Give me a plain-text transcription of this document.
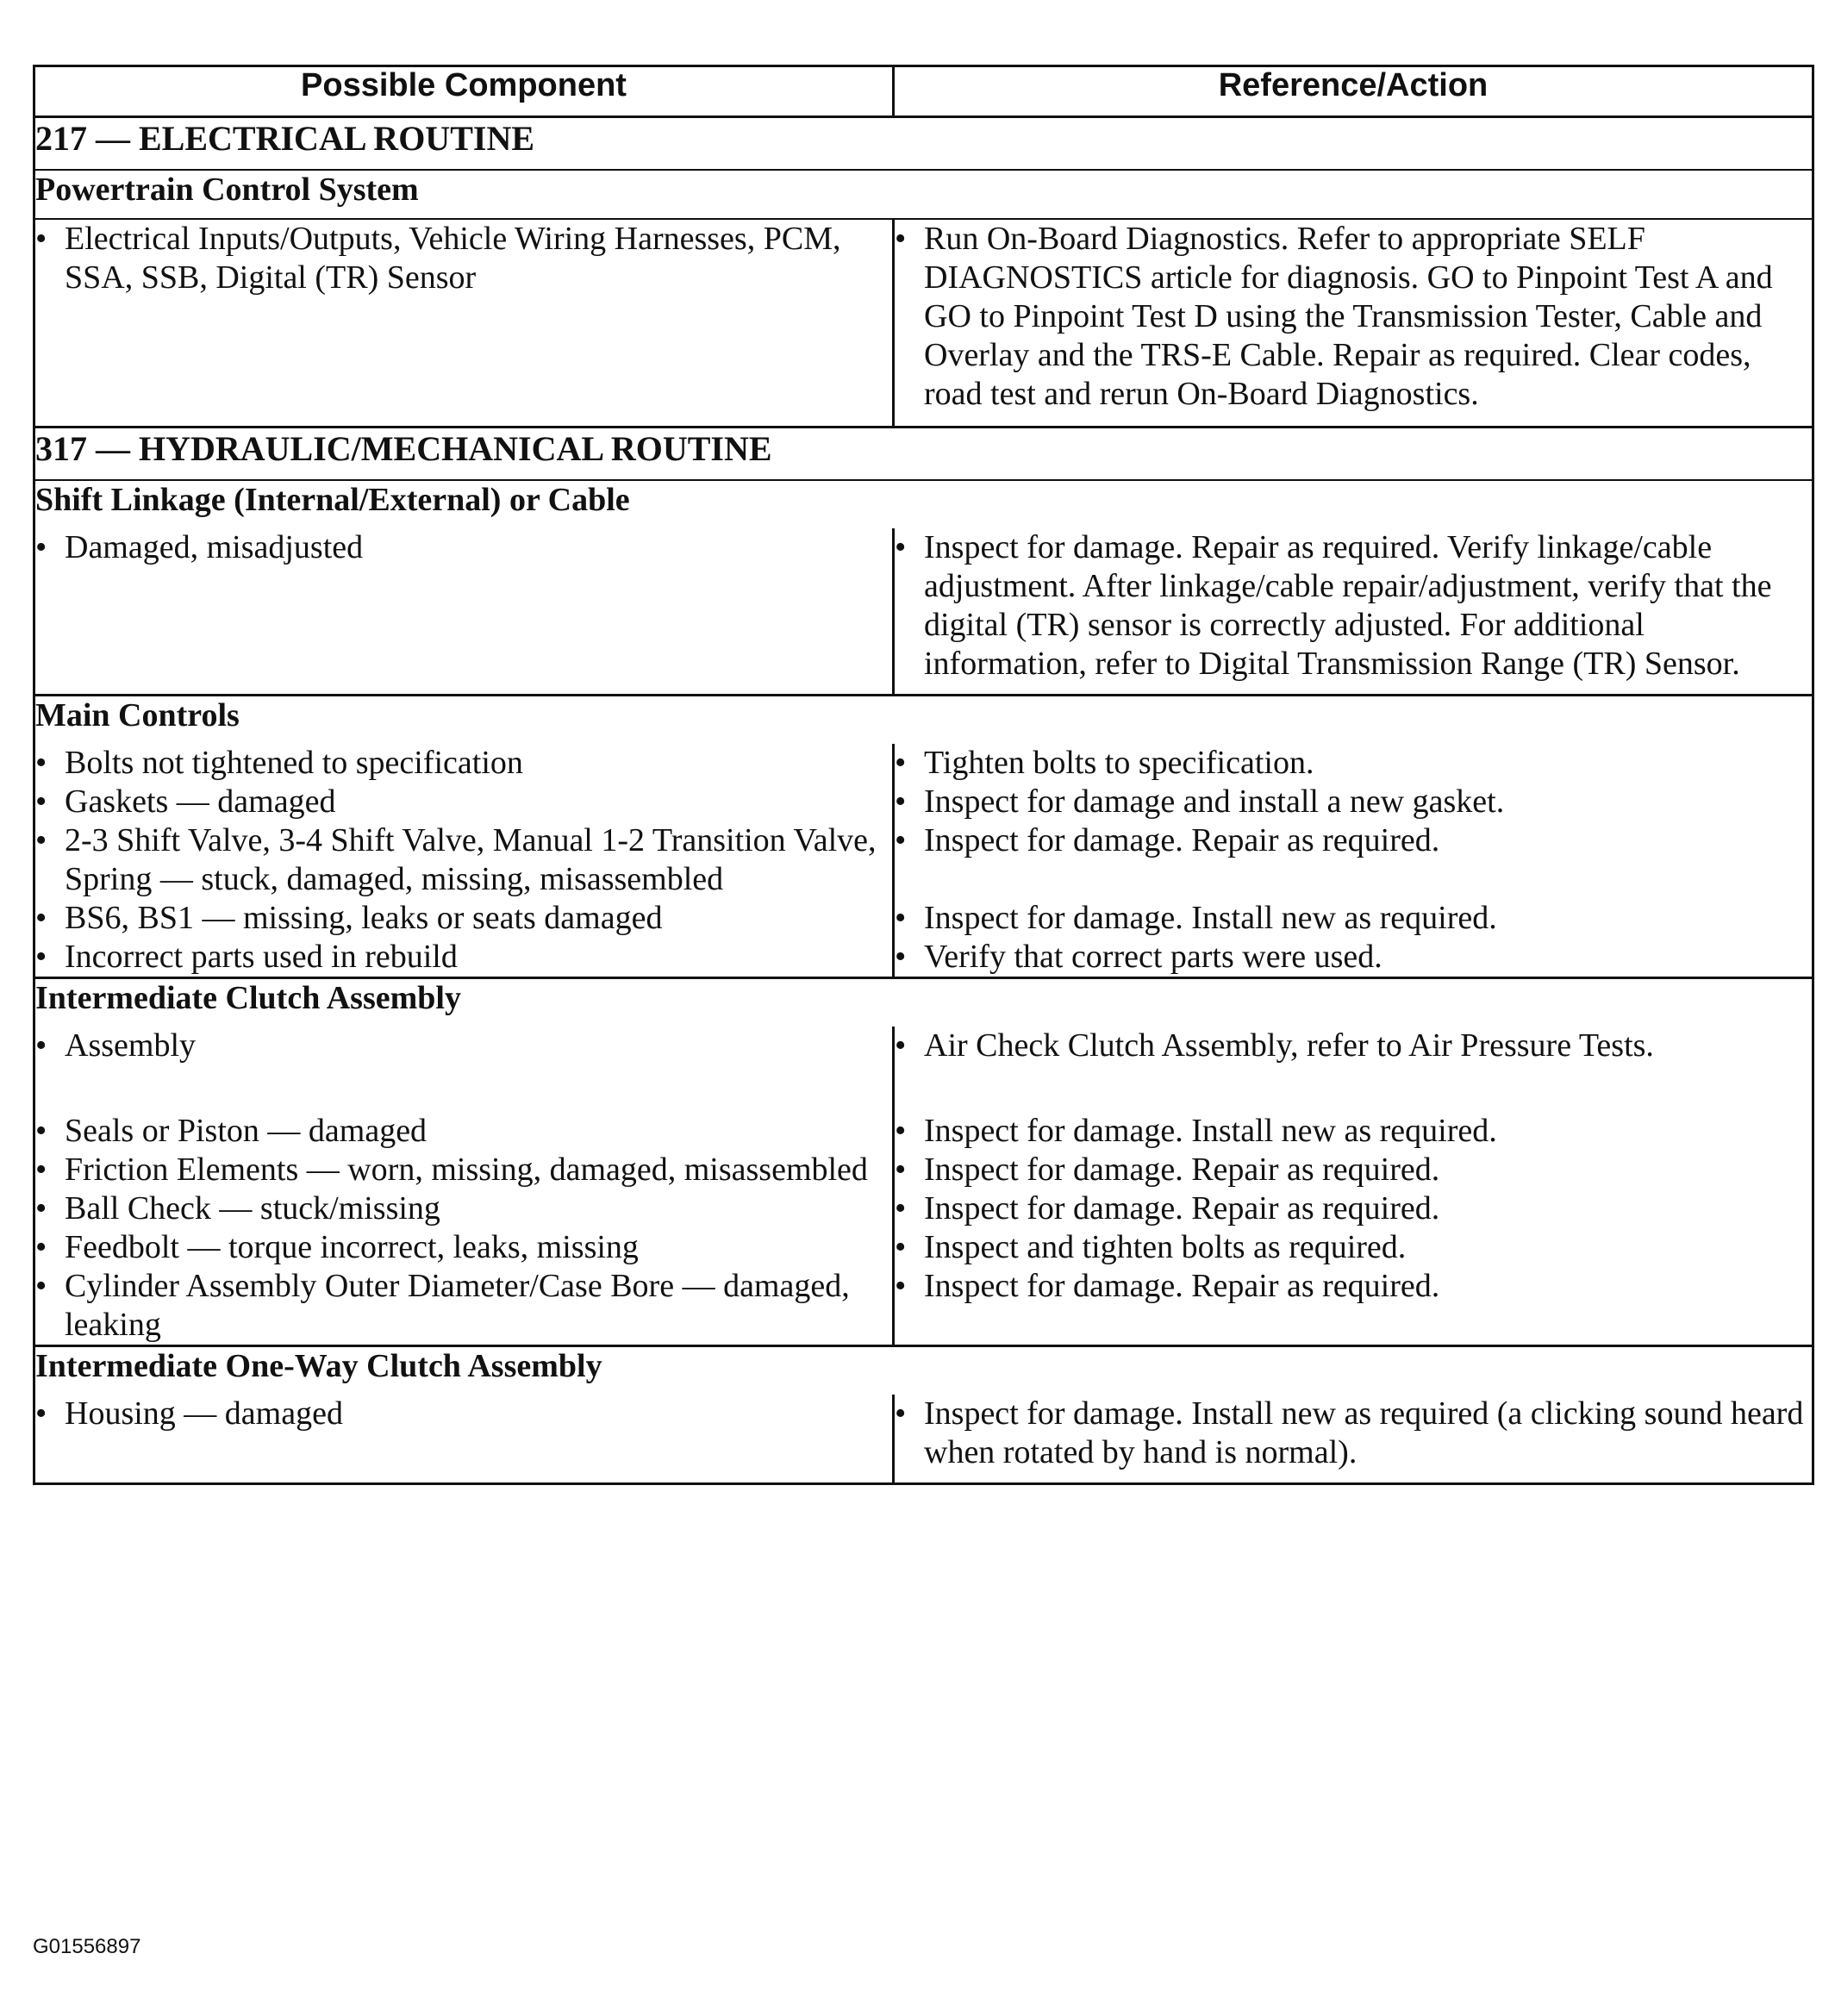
Possible Component	Reference/Action
217 — ELECTRICAL ROUTINE	
Powertrain Control System	

• Electrical Inputs/Outputs, Vehicle Wiring Harnesses, PCM, SSA, SSB, Digital (TR) Sensor	• Run On-Board Diagnostics. Refer to appropriate SELF DIAGNOSTICS article for diagnosis. GO to Pinpoint Test A and GO to Pinpoint Test D using the Transmission Tester, Cable and Overlay and the TRS-E Cable. Repair as required. Clear codes, road test and rerun On-Board Diagnostics.

317 — HYDRAULIC/MECHANICAL ROUTINE	
Shift Linkage (Internal/External) or Cable	

• Damaged, misadjusted	• Inspect for damage. Repair as required. Verify linkage/cable adjustment. After linkage/cable repair/adjustment, verify that the digital (TR) sensor is correctly adjusted. For additional information, refer to Digital Transmission Range (TR) Sensor.

Main Controls	

• Bolts not tightened to specification	• Tighten bolts to specification.

• Gaskets — damaged	• Inspect for damage and install a new gasket.

• 2-3 Shift Valve, 3-4 Shift Valve, Manual 1-2 Transition Valve, Spring — stuck, damaged, missing, misassembled	• Inspect for damage. Repair as required.

• BS6, BS1 — missing, leaks or seats damaged	• Inspect for damage. Install new as required.

• Incorrect parts used in rebuild	• Verify that correct parts were used.

Intermediate Clutch Assembly	

• Assembly	• Air Check Clutch Assembly, refer to Air Pressure Tests.

• Seals or Piston — damaged	• Inspect for damage. Install new as required.

• Friction Elements — worn, missing, damaged, misassembled	• Inspect for damage. Repair as required.

• Ball Check — stuck/missing	• Inspect for damage. Repair as required.

• Feedbolt — torque incorrect, leaks, missing	• Inspect and tighten bolts as required.

• Cylinder Assembly Outer Diameter/Case Bore — damaged, leaking	• Inspect for damage. Repair as required.

Intermediate One-Way Clutch Assembly	

• Housing — damaged	• Inspect for damage. Install new as required (a clicking sound heard when rotated by hand is normal).
G01556897
